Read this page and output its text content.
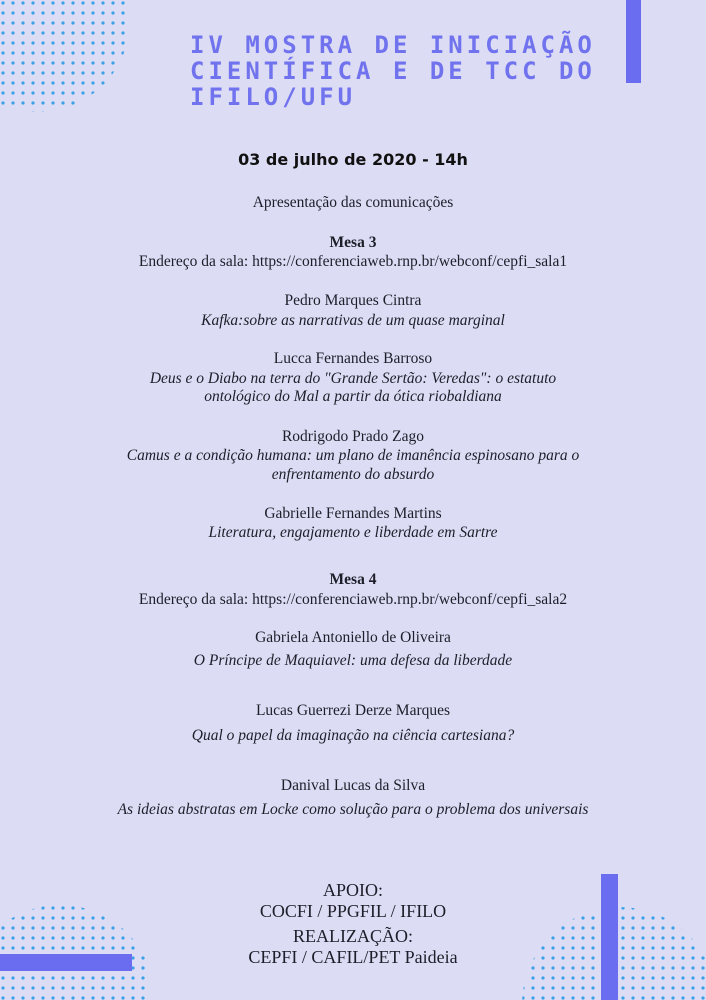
IV MOSTRA DE INICIAÇÃO
CIENTÍFICA E DE TCC DO
IFILO/UFU
03 de julho de 2020 - 14h
Apresentação das comunicações
Mesa 3
Endereço da sala: https://conferenciaweb.rnp.br/webconf/cepfi_sala1
Pedro Marques Cintra
Kafka:sobre as narrativas de um quase marginal
Lucca Fernandes Barroso
Deus e o Diabo na terra do "Grande Sertão: Veredas": o estatuto
ontológico do Mal a partir da ótica riobaldiana
Rodrigodo Prado Zago
Camus e a condição humana: um plano de imanência espinosano para o
enfrentamento do absurdo
Gabrielle Fernandes Martins
Literatura, engajamento e liberdade em Sartre
Mesa 4
Endereço da sala: https://conferenciaweb.rnp.br/webconf/cepfi_sala2
Gabriela Antoniello de Oliveira
O Príncipe de Maquiavel: uma defesa da liberdade
Lucas Guerrezi Derze Marques
Qual o papel da imaginação na ciência cartesiana?
Danival Lucas da Silva
As ideias abstratas em Locke como solução para o problema dos universais
APOIO:
COCFI / PPGFIL / IFILO
REALIZAÇÃO:
CEPFI / CAFIL/PET Paideia
